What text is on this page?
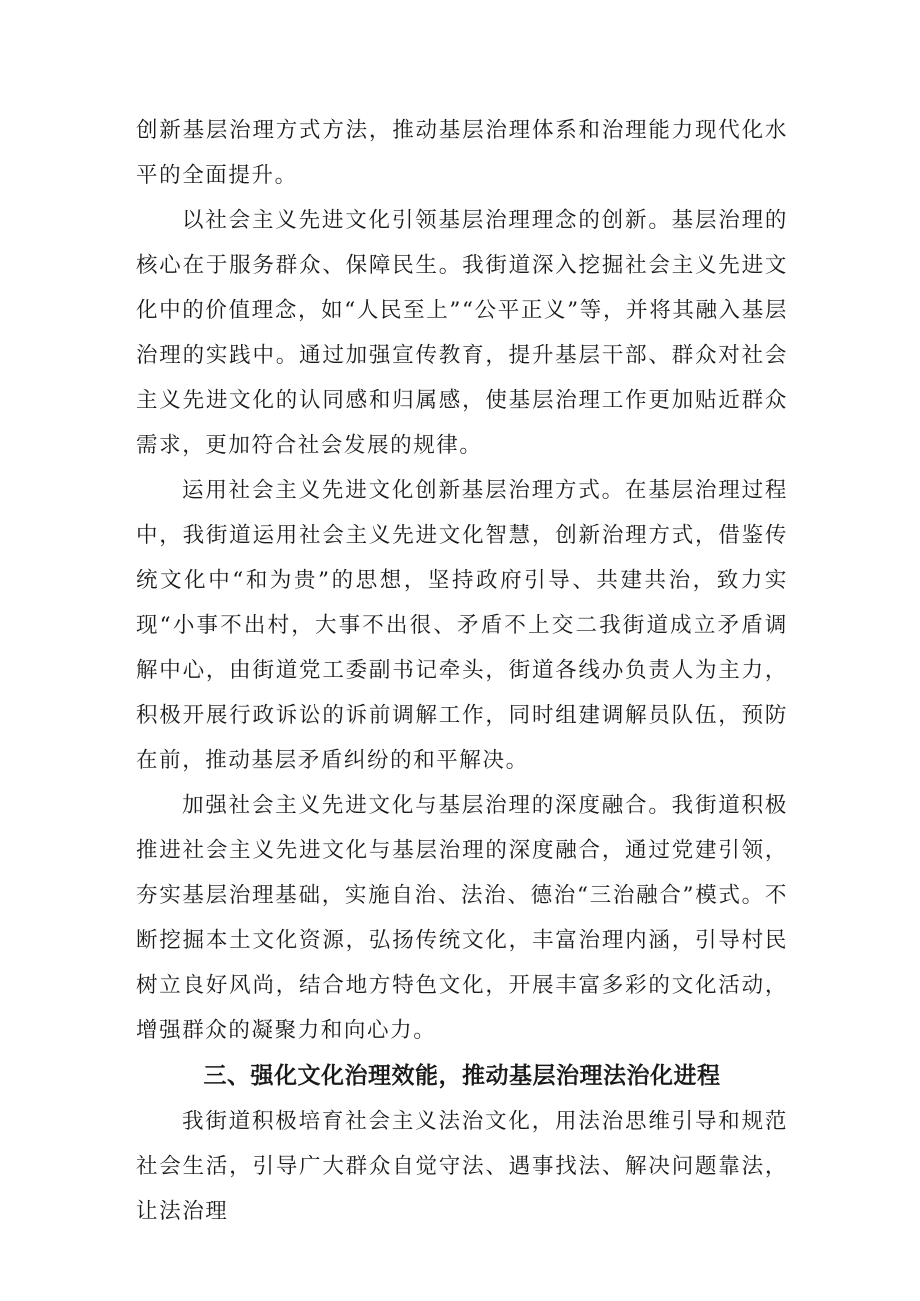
创新基层治理方式方法，推动基层治理体系和治理能力现代化水平的全面提升。

以社会主义先进文化引领基层治理理念的创新。基层治理的核心在于服务群众、保障民生。我街道深入挖掘社会主义先进文化中的价值理念，如“人民至上”“公平正义”等，并将其融入基层治理的实践中。通过加强宣传教育，提升基层干部、群众对社会主义先进文化的认同感和归属感，使基层治理工作更加贴近群众需求，更加符合社会发展的规律。

运用社会主义先进文化创新基层治理方式。在基层治理过程中，我街道运用社会主义先进文化智慧，创新治理方式，借鉴传统文化中“和为贵”的思想，坚持政府引导、共建共治，致力实现“小事不出村，大事不出很、矛盾不上交二我街道成立矛盾调解中心，由街道党工委副书记牵头，街道各线办负责人为主力，积极开展行政诉讼的诉前调解工作，同时组建调解员队伍，预防在前，推动基层矛盾纠纷的和平解决。

加强社会主义先进文化与基层治理的深度融合。我街道积极推进社会主义先进文化与基层治理的深度融合，通过党建引领，夯实基层治理基础，实施自治、法治、德治“三治融合”模式。不断挖掘本土文化资源，弘扬传统文化，丰富治理内涵，引导村民树立良好风尚，结合地方特色文化，开展丰富多彩的文化活动，增强群众的凝聚力和向心力。

三、强化文化治理效能，推动基层治理法治化进程

我街道积极培育社会主义法治文化，用法治思维引导和规范社会生活，引导广大群众自觉守法、遇事找法、解决问题靠法，让法治理
